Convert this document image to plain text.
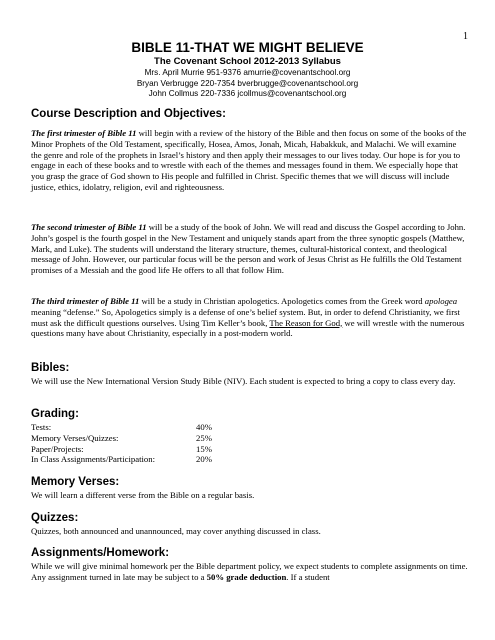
1
BIBLE 11-THAT WE MIGHT BELIEVE
The Covenant School 2012-2013 Syllabus
Mrs. April Murrie 951-9376 amurrie@covenantschool.org
Bryan Verbrugge 220-7354 bverbrugge@covenantschool.org
John Collmus 220-7336 jcollmus@covenantschool.org
Course Description and Objectives:
The first trimester of Bible 11 will begin with a review of the history of the Bible and then focus on some of the books of the Minor Prophets of the Old Testament, specifically, Hosea, Amos, Jonah, Micah, Habakkuk, and Malachi. We will examine the genre and role of the prophets in Israel’s history and then apply their messages to our lives today. Our hope is for you to engage in each of these books and to wrestle with each of the themes and messages found in them. We especially hope that you grasp the grace of God shown to His people and fulfilled in Christ. Specific themes that we will discuss will include justice, ethics, idolatry, religion, evil and righteousness.
The second trimester of Bible 11 will be a study of the book of John. We will read and discuss the Gospel according to John. John’s gospel is the fourth gospel in the New Testament and uniquely stands apart from the three synoptic gospels (Matthew, Mark, and Luke). The students will understand the literary structure, themes, cultural-historical context, and theological message of John. However, our particular focus will be the person and work of Jesus Christ as He fulfills the Old Testament promises of a Messiah and the good life He offers to all that follow Him.
The third trimester of Bible 11 will be a study in Christian apologetics. Apologetics comes from the Greek word apologea meaning “defense.” So, Apologetics simply is a defense of one’s belief system. But, in order to defend Christianity, we first must ask the difficult questions ourselves. Using Tim Keller’s book, The Reason for God, we will wrestle with the numerous questions many have about Christianity, especially in a post-modern world.
Bibles:
We will use the New International Version Study Bible (NIV). Each student is expected to bring a copy to class every day.
Grading:
Tests:	40%
Memory Verses/Quizzes:	25%
Paper/Projects:	15%
In Class Assignments/Participation:	20%
Memory Verses:
We will learn a different verse from the Bible on a regular basis.
Quizzes:
Quizzes, both announced and unannounced, may cover anything discussed in class.
Assignments/Homework:
While we will give minimal homework per the Bible department policy, we expect students to complete assignments on time. Any assignment turned in late may be subject to a 50% grade deduction. If a student
